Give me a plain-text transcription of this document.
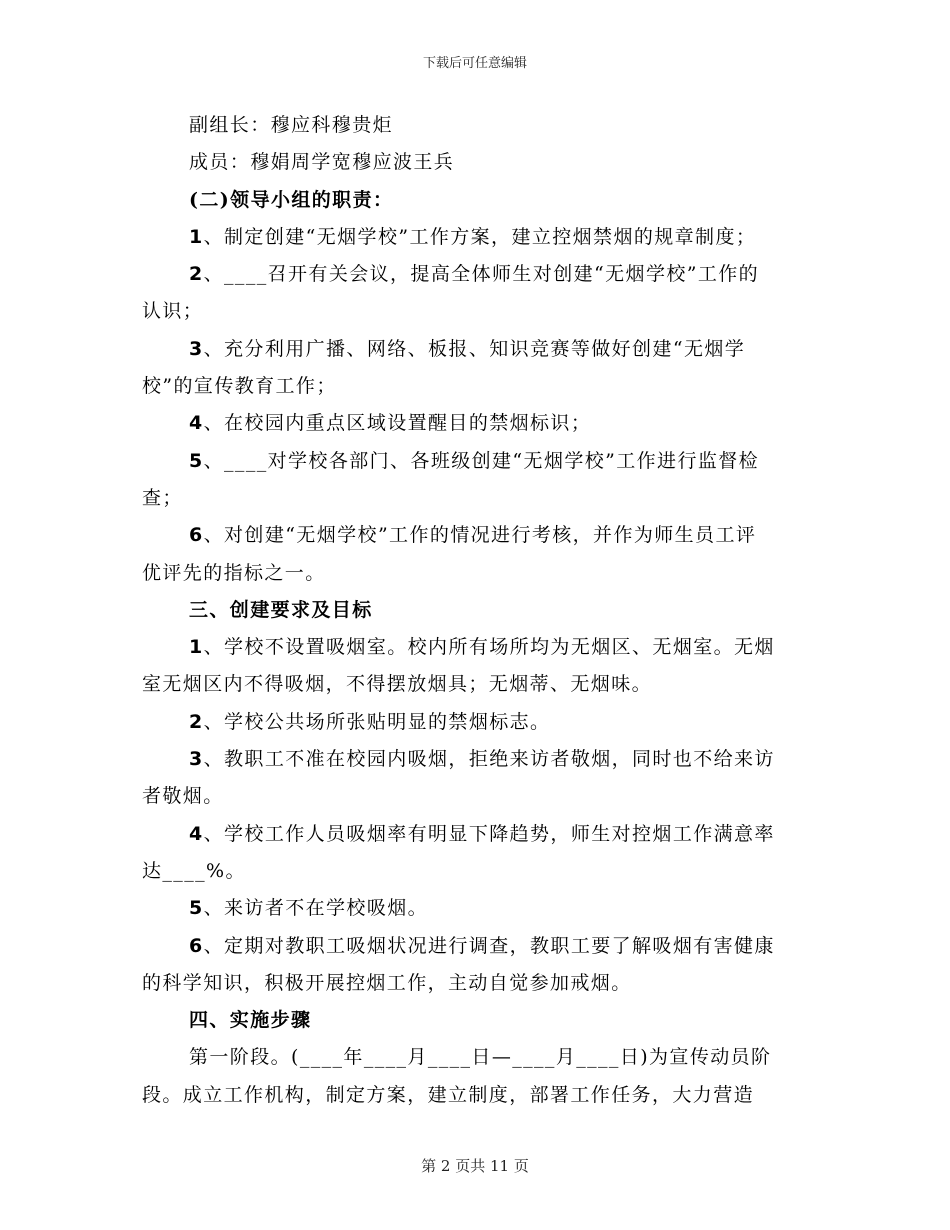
下载后可任意编辑
副组长：穆应科穆贵炬
成员：穆娟周学宽穆应波王兵
(二)领导小组的职责：
1、制定创建“无烟学校”工作方案，建立控烟禁烟的规章制度；
2、____召开有关会议，提高全体师生对创建“无烟学校”工作的
认识；
3、充分利用广播、网络、板报、知识竞赛等做好创建“无烟学
校”的宣传教育工作；
4、在校园内重点区域设置醒目的禁烟标识；
5、____对学校各部门、各班级创建“无烟学校”工作进行监督检
查；
6、对创建“无烟学校”工作的情况进行考核，并作为师生员工评
优评先的指标之一。
三、创建要求及目标
1、学校不设置吸烟室。校内所有场所均为无烟区、无烟室。无烟
室无烟区内不得吸烟，不得摆放烟具；无烟蒂、无烟味。
2、学校公共场所张贴明显的禁烟标志。
3、教职工不准在校园内吸烟，拒绝来访者敬烟，同时也不给来访
者敬烟。
4、学校工作人员吸烟率有明显下降趋势，师生对控烟工作满意率
达____%。
5、来访者不在学校吸烟。
6、定期对教职工吸烟状况进行调查，教职工要了解吸烟有害健康
的科学知识，积极开展控烟工作，主动自觉参加戒烟。
四、实施步骤
第一阶段。(____年____月____日—____月____日)为宣传动员阶
段。成立工作机构，制定方案，建立制度，部署工作任务，大力营造
第 2 页共 11 页
